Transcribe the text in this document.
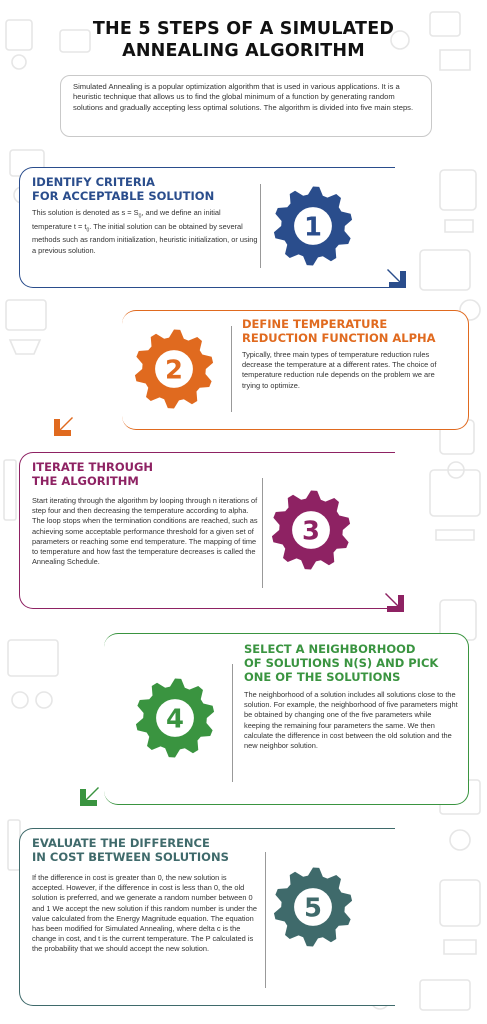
THE 5 STEPS OF A SIMULATED
ANNEALING ALGORITHM
Simulated Annealing is a popular optimization algorithm that is used in various applications. It is a heuristic technique that allows us to find the global minimum of a function by generating random solutions and gradually accepting less optimal solutions. The algorithm is divided into five main steps.
IDENTIFY CRITERIA
FOR ACCEPTABLE SOLUTION
This solution is denoted as $s = S_0$, and we define an initial temperature $t = t_0$. The initial solution can be obtained by several methods such as random initialization, heuristic initialization, or using a previous solution.
DEFINE TEMPERATURE
REDUCTION FUNCTION ALPHA
Typically, three main types of temperature reduction rules decrease the temperature at a different rates. The choice of temperature reduction rule depends on the problem we are trying to optimize.
ITERATE THROUGH
THE ALGORITHM
Start iterating through the algorithm by looping through n iterations of step four and then decreasing the temperature according to alpha. The loop stops when the termination conditions are reached, such as achieving some acceptable performance threshold for a given set of parameters or reaching some end temperature. The mapping of time to temperature and how fast the temperature decreases is called the Annealing Schedule.
SELECT A NEIGHBORHOOD
OF SOLUTIONS N(S) AND PICK
ONE OF THE SOLUTIONS
The neighborhood of a solution includes all solutions close to the solution. For example, the neighborhood of five parameters might be obtained by changing one of the five parameters while keeping the remaining four parameters the same. We then calculate the difference in cost between the old solution and the new neighbor solution.
EVALUATE THE DIFFERENCE
IN COST BETWEEN SOLUTIONS
If the difference in cost is greater than 0, the new solution is accepted. However, if the difference in cost is less than 0, the old solution is preferred, and we generate a random number between 0 and 1 We accept the new solution if this random number is under the value calculated from the Energy Magnitude equation. The equation has been modified for Simulated Annealing, where delta c is the change in cost, and t is the current temperature. The P calculated is the probability that we should accept the new solution.
1
2
3
4
5
